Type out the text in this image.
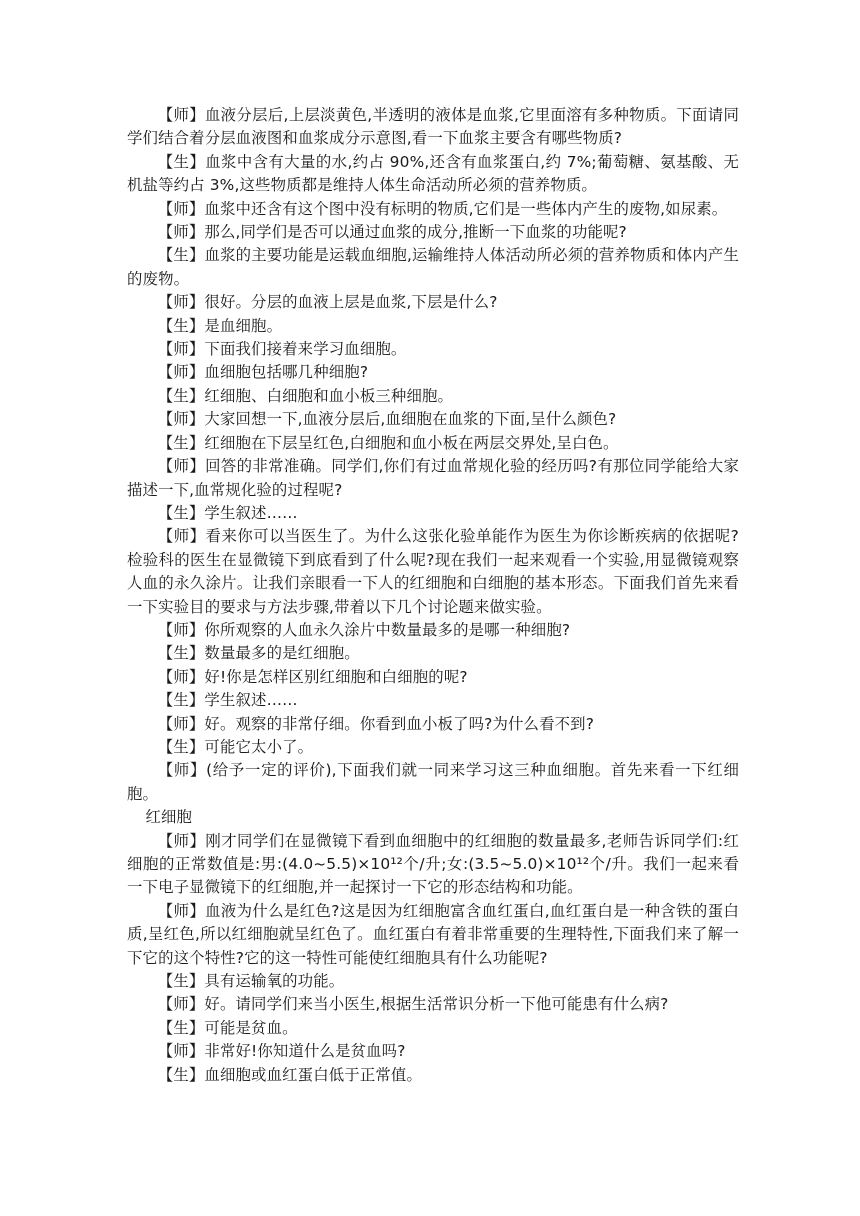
【师】血液分层后,上层淡黄色,半透明的液体是血浆,它里面溶有多种物质。下面请同学们结合着分层血液图和血浆成分示意图,看一下血浆主要含有哪些物质?

【生】血浆中含有大量的水,约占 90%,还含有血浆蛋白,约 7%;葡萄糖、氨基酸、无机盐等约占 3%,这些物质都是维持人体生命活动所必须的营养物质。

【师】血浆中还含有这个图中没有标明的物质,它们是一些体内产生的废物,如尿素。

【师】那么,同学们是否可以通过血浆的成分,推断一下血浆的功能呢?

【生】血浆的主要功能是运载血细胞,运输维持人体活动所必须的营养物质和体内产生的废物。

【师】很好。分层的血液上层是血浆,下层是什么?

【生】是血细胞。

【师】下面我们接着来学习血细胞。

【师】血细胞包括哪几种细胞?

【生】红细胞、白细胞和血小板三种细胞。

【师】大家回想一下,血液分层后,血细胞在血浆的下面,呈什么颜色?

【生】红细胞在下层呈红色,白细胞和血小板在两层交界处,呈白色。

【师】回答的非常准确。同学们,你们有过血常规化验的经历吗?有那位同学能给大家描述一下,血常规化验的过程呢?

【生】学生叙述……

【师】看来你可以当医生了。为什么这张化验单能作为医生为你诊断疾病的依据呢?检验科的医生在显微镜下到底看到了什么呢?现在我们一起来观看一个实验,用显微镜观察人血的永久涂片。让我们亲眼看一下人的红细胞和白细胞的基本形态。下面我们首先来看一下实验目的要求与方法步骤,带着以下几个讨论题来做实验。

【师】你所观察的人血永久涂片中数量最多的是哪一种细胞?

【生】数量最多的是红细胞。

【师】好!你是怎样区别红细胞和白细胞的呢?

【生】学生叙述……

【师】好。观察的非常仔细。你看到血小板了吗?为什么看不到?

【生】可能它太小了。

【师】(给予一定的评价),下面我们就一同来学习这三种血细胞。首先来看一下红细胞。

红细胞

【师】刚才同学们在显微镜下看到血细胞中的红细胞的数量最多,老师告诉同学们:红细胞的正常数值是:男:(4.0~5.5)×10¹²个/升;女:(3.5~5.0)×10¹²个/升。我们一起来看一下电子显微镜下的红细胞,并一起探讨一下它的形态结构和功能。

【师】血液为什么是红色?这是因为红细胞富含血红蛋白,血红蛋白是一种含铁的蛋白质,呈红色,所以红细胞就呈红色了。血红蛋白有着非常重要的生理特性,下面我们来了解一下它的这个特性?它的这一特性可能使红细胞具有什么功能呢?

【生】具有运输氧的功能。

【师】好。请同学们来当小医生,根据生活常识分析一下他可能患有什么病?

【生】可能是贫血。

【师】非常好!你知道什么是贫血吗?

【生】血细胞或血红蛋白低于正常值。
